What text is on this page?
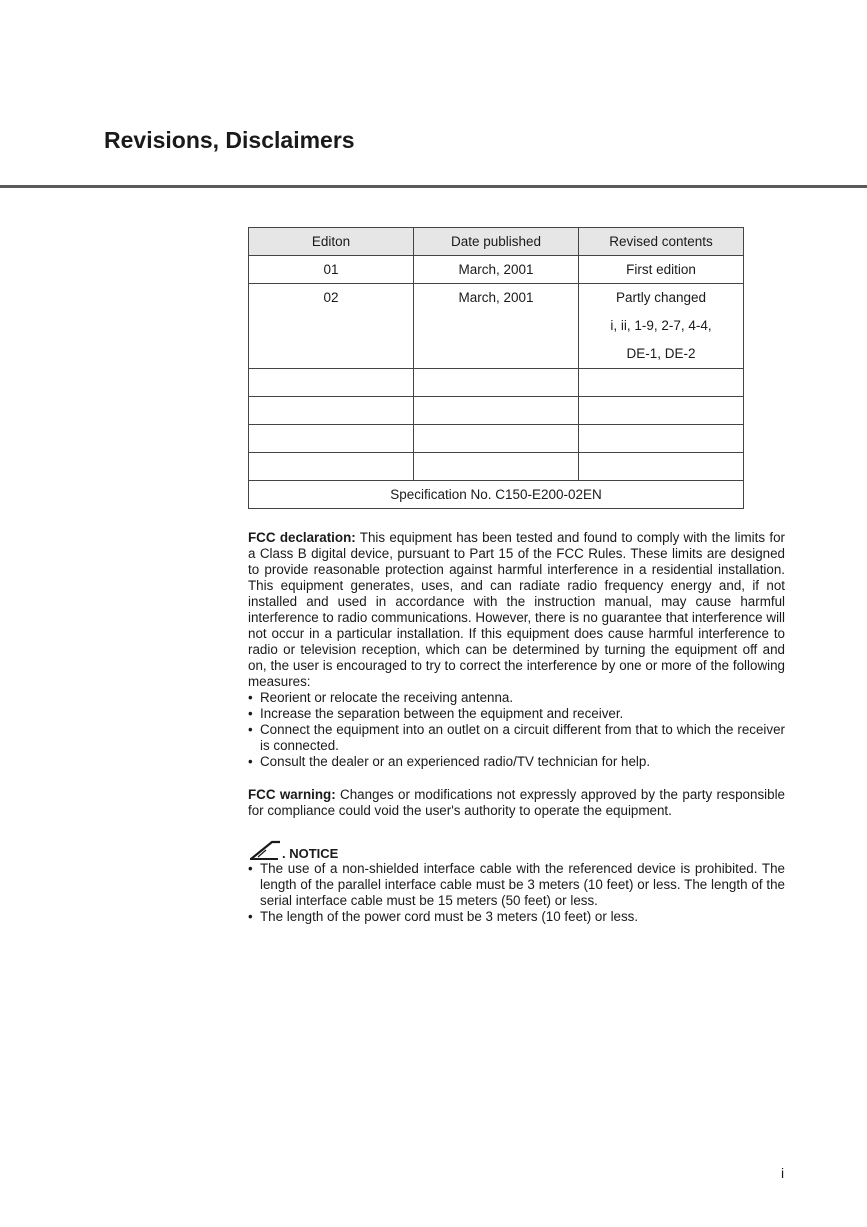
Revisions, Disclaimers
Editon	Date published	Revised contents
01	March, 2001	First edition
02	March, 2001	Partly changed
i, ii, 1-9, 2-7, 4-4,
DE-1, DE-2

Specification No. C150-E200-02EN		

FCC declaration: This equipment has been tested and found to comply with the limits for a Class B digital device, pursuant to Part 15 of the FCC Rules. These limits are designed to provide reasonable protection against harmful interference in a residential installation. This equipment generates, uses, and can radiate radio frequency energy and, if not installed and used in accordance with the instruction manual, may cause harmful interference to radio communications. However, there is no guarantee that interference will not occur in a particular installation. If this equipment does cause harmful interference to radio or television reception, which can be determined by turning the equipment off and on, the user is encouraged to try to correct the interference by one or more of the following measures:

• Reorient or relocate the receiving antenna.
• Increase the separation between the equipment and receiver.
• Connect the equipment into an outlet on a circuit different from that to which the receiver is connected.
• Consult the dealer or an experienced radio/TV technician for help.

FCC warning: Changes or modifications not expressly approved by the party responsible for compliance could void the user's authority to operate the equipment.

. NOTICE
• The use of a non-shielded interface cable with the referenced device is prohibited. The length of the parallel interface cable must be 3 meters (10 feet) or less. The length of the serial interface cable must be 15 meters (50 feet) or less.
• The length of the power cord must be 3 meters (10 feet) or less.
i
